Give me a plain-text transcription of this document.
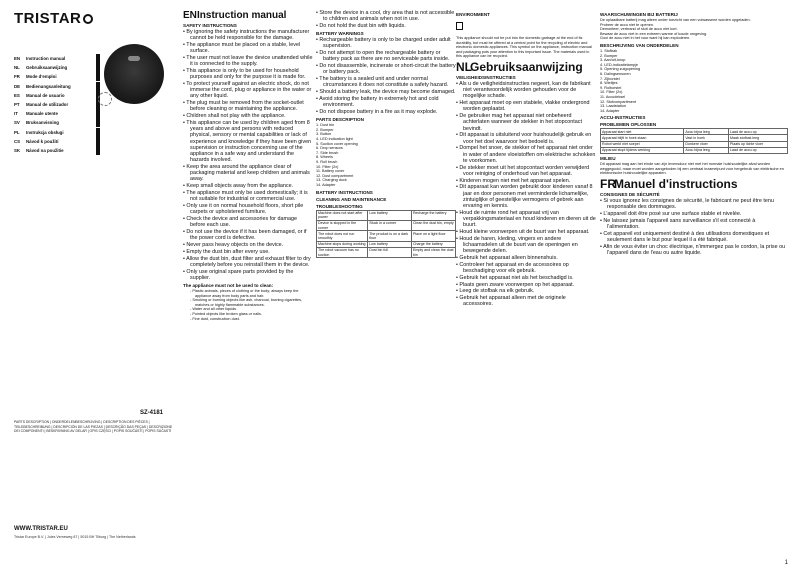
TRISTAR
EN	Instruction manual
NL	Gebruiksaanwijzing
FR	Mode d'emploi
DE	Bedienungsanleitung
ES	Manual de usuario
PT	Manual de utilizador
IT	Manuale utente
SV	Bruksanvisning
PL	Instrukcja obsługi
CS	Návod k použití
SK	Návod na použitie
SZ-4181
PARTS DESCRIPTION | ONDERDELENBESCHRIJVING | DESCRIPTION DES PIÈCES | TEILEBESCHREIBUNG | DESCRIPCIÓN DE LAS PIEZAS | DESCRIÇÃO DAS PEÇAS | DESCRIZIONE DEI COMPONENTI | BESKRIVNING AV DELAR | OPIS CZĘŚCI | POPIS SOUČÁSTÍ | POPIS SÚČASTÍ
WWW.TRISTAR.EU
Tristar Europe B.V. | Jules Verneweg 87 | 5015 BH Tilburg | The Netherlands
ENInstruction manual
SAFETY INSTRUCTIONS

• By ignoring the safety instructions the manufacturer cannot be held responsible for the damage.

• The appliance must be placed on a stable, level surface.

• The user must not leave the device unattended while it is connected to the supply.

• This appliance is only to be used for household purposes and only for the purpose it is made for.

• To protect yourself against an electric shock, do not immerse the cord, plug or appliance in the water or any other liquid.

• The plug must be removed from the socket-outlet before cleaning or maintaining the appliance.

• Children shall not play with the appliance.

• This appliance can be used by children aged from 8 years and above and persons with reduced physical, sensory or mental capabilities or lack of experience and knowledge if they have been given supervision or instruction concerning use of the appliance in a safe way and understand the hazards involved.

• Keep the area around the appliance clear of packaging material and keep children and animals away.

• Keep small objects away from the appliance.

• The appliance must only be used domestically; it is not suitable for industrial or commercial use.

• Only use it on normal household floors, short pile carpets or upholstered furniture.

• Check the device and accessories for damage before each use.

• Do not use the device if it has been damaged, or if the power cord is defective.

• Never pass heavy objects on the device.

• Empty the dust bin after every use.

• Allow the dust bin, dust filter and exhaust filter to dry completely before you reinstall them in the device.

• Only use original spare parts provided by the supplier.

The appliance must not be used to clean:

- Plastic animals, pieces of clothing or the body; always keep the appliance away from body parts and hair.

- Smoking or burning objects like ash, charcoal, burning cigarettes, matches or highly flammable substances.

- Water and all other liquids.

- Pointed objects like broken glass or nails.

- Fine dust, construction dust.

• Store the device in a cool, dry area that is not accessible to children and animals when not in use.

• Do not hold the dust bin with liquids.

BATTERY WARNINGS

• Rechargeable battery is only to be charged under adult supervision.

• Do not attempt to open the rechargeable battery or battery pack as there are no serviceable parts inside.

• Do not disassemble, incinerate or short-circuit the battery or battery pack.

• The battery is a sealed unit and under normal circumstances it does not constitute a safety hazard.

• Should a battery leak, the device may become damaged.

• Avoid storing the battery in extremely hot and cold environment.

• Do not dispose battery in a fire as it may explode.

PARTS DESCRIPTION

1. Dust bin

2. Bumper

3. Button

4. LED indication light

5. Suction cover opening

6. Drop sensors

7. Side brush

8. Wheels

9. Roll brush

10. Filter (2x)

11. Battery cover

12. Dust compartment

13. Charging dock

14. Adapter

BATTERY INSTRUCTIONS
CLEANING AND MAINTENANCE
TROUBLESHOOTING
Machine does not start after power	Low battery	Recharge the battery
Device is stopped in the corner	Stuck in a corner	Clean the dust bin, empty
The robot does not run smoothly	The product is on a dark floor	Place on a light floor
Machine stops during working	Low battery	Charge the battery
The robot vacuum has no suction	Dust bin full	Empty and clean the dust bin
ENVIRONMENT

This appliance should not be put into the domestic garbage at the end of its durability, but must be offered at a central point for the recycling of electric and electronic domestic appliances. This symbol on the appliance, instruction manual and packaging puts your attention to this important issue. The materials used in this appliance can be recycled.

NLGebruiksaanwijzing
VEILIGHEIDSINSTRUCTIES

• Als u de veiligheidsinstructies negeert, kan de fabrikant niet verantwoordelijk worden gehouden voor de mogelijke schade.

• Het apparaat moet op een stabiele, vlakke ondergrond worden geplaatst.

• De gebruiker mag het apparaat niet onbeheerd achterlaten wanneer de stekker in het stopcontact bevindt.

• Dit apparaat is uitsluitend voor huishoudelijk gebruik en voor het doel waarvoor het bedoeld is.

• Dompel het snoer, de stekker of het apparaat niet onder in water of andere vloeistoffen om elektrische schokken te voorkomen.

• De stekker moet uit het stopcontact worden verwijderd voor reiniging of onderhoud van het apparaat.

• Kinderen mogen niet met het apparaat spelen.

• Dit apparaat kan worden gebruikt door kinderen vanaf 8 jaar en door personen met verminderde lichamelijke, zintuiglijke of geestelijke vermogens of gebrek aan ervaring en kennis.

• Houd de ruimte rond het apparaat vrij van verpakkingsmateriaal en houd kinderen en dieren uit de buurt.

• Houd kleine voorwerpen uit de buurt van het apparaat.

• Houd de haren, kleding, vingers en andere lichaamsdelen uit de buurt van de openingen en bewegende delen.

• Gebruik het apparaat alleen binnenshuis.

• Controleer het apparaat en de accessoires op beschadiging voor elk gebruik.

• Gebruik het apparaat niet als het beschadigd is.

• Plaats geen zware voorwerpen op het apparaat.

• Leeg de stofbak na elk gebruik.

• Gebruik het apparaat alleen met de originele accessoires.

WAARSCHUWINGEN BIJ BATTERIJ

De oplaadbare batterij mag alleen onder toezicht van een volwassene worden opgeladen.

Probeer de accu niet te openen.

Demonteer, verbrand of sluit de accu niet kort.

Bewaar de accu niet in een extreem warme of koude omgeving.

Gooi de accu niet in het vuur want hij kan exploderen.

BESCHRIJVING VAN ONDERDELEN

1. Stofbak

2. Bumper

3. Aan/uit-knop

4. LED-indicatielampje

5. Opening zuigopening

6. Dalingsensoren

7. Zijborstel

8. Wieltjes

9. Rolborstel

10. Filter (2x)

11. Accudeksel

12. Stofcompartiment

13. Laadstation

14. Adapter

ACCU-INSTRUCTIES
PROBLEMEN OPLOSSEN
Apparaat start niet	Accu bijna leeg	Laad de accu op
Apparaat blijft in hoek staan	Vast in hoek	Maak stofbak leeg
Robot werkt niet soepel	Donkere vloer	Plaats op lichte vloer
Apparaat stopt tijdens werking	Accu bijna leeg	Laad de accu op
MILIEU

Dit apparaat mag aan het einde van zijn levensduur niet met het normale huishoudelijke afval worden weggegooid, maar moet worden aangeboden bij een centraal inzamelpunt voor hergebruik van elektrische en elektronische huishoudelijke apparaten.

FRManuel d'instructions
CONSIGNES DE SÉCURITÉ

• Si vous ignorez les consignes de sécurité, le fabricant ne peut être tenu responsable des dommages.

• L'appareil doit être posé sur une surface stable et nivelée.

• Ne laissez jamais l'appareil sans surveillance s'il est connecté à l'alimentation.

• Cet appareil est uniquement destiné à des utilisations domestiques et seulement dans le but pour lequel il a été fabriqué.

• Afin de vous éviter un choc électrique, n'immergez pas le cordon, la prise ou l'appareil dans de l'eau ou autre liquide.

1
